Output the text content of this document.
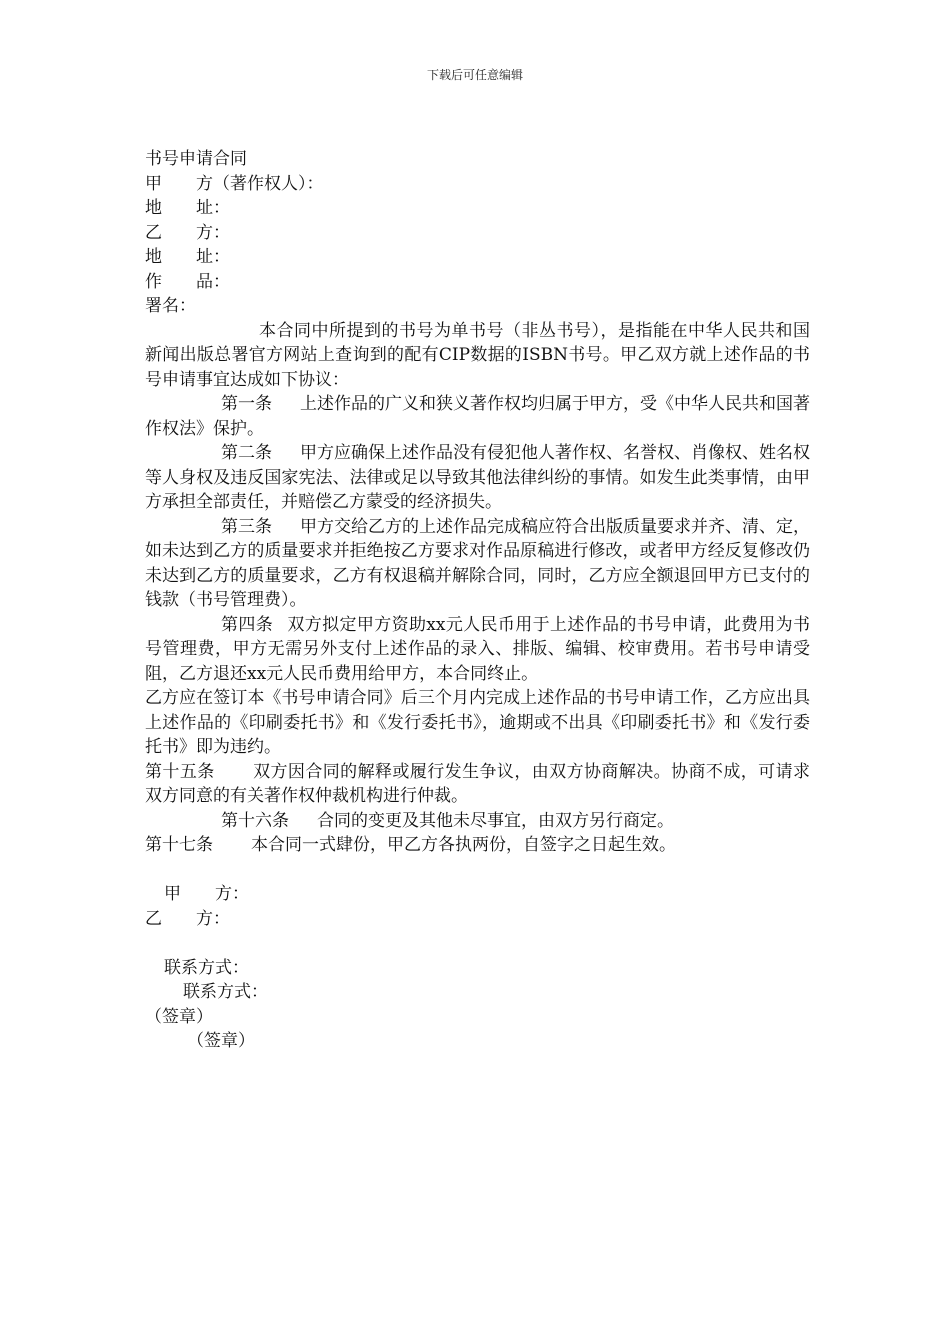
下载后可任意编辑
书号申请合同
甲 方（著作权人）：
地 址：
乙 方：
地 址：
作 品：
署名：
本合同中所提到的书号为单书号（非丛书号），是指能在中华人民共和国新闻出版总署官方网站上查询到的配有CIP数据的ISBN书号。甲乙双方就上述作品的书号申请事宜达成如下协议：
第一条 上述作品的广义和狭义著作权均归属于甲方，受《中华人民共和国著作权法》保护。
第二条 甲方应确保上述作品没有侵犯他人著作权、名誉权、肖像权、姓名权等人身权及违反国家宪法、法律或足以导致其他法律纠纷的事情。如发生此类事情，由甲方承担全部责任，并赔偿乙方蒙受的经济损失。
第三条 甲方交给乙方的上述作品完成稿应符合出版质量要求并齐、清、定，如未达到乙方的质量要求并拒绝按乙方要求对作品原稿进行修改，或者甲方经反复修改仍未达到乙方的质量要求，乙方有权退稿并解除合同，同时，乙方应全额退回甲方已支付的钱款（书号管理费）。
第四条 双方拟定甲方资助xx元人民币用于上述作品的书号申请，此费用为书号管理费，甲方无需另外支付上述作品的录入、排版、编辑、校审费用。若书号申请受阻，乙方退还xx元人民币费用给甲方，本合同终止。
乙方应在签订本《书号申请合同》后三个月内完成上述作品的书号申请工作，乙方应出具上述作品的《印刷委托书》和《发行委托书》，逾期或不出具《印刷委托书》和《发行委托书》即为违约。
第十五条 双方因合同的解释或履行发生争议，由双方协商解决。协商不成，可请求双方同意的有关著作权仲裁机构进行仲裁。
第十六条 合同的变更及其他未尽事宜，由双方另行商定。
第十七条 本合同一式肆份，甲乙方各执两份，自签字之日起生效。
甲 方：
乙 方：
联系方式：
联系方式：
（签章）
（签章）
